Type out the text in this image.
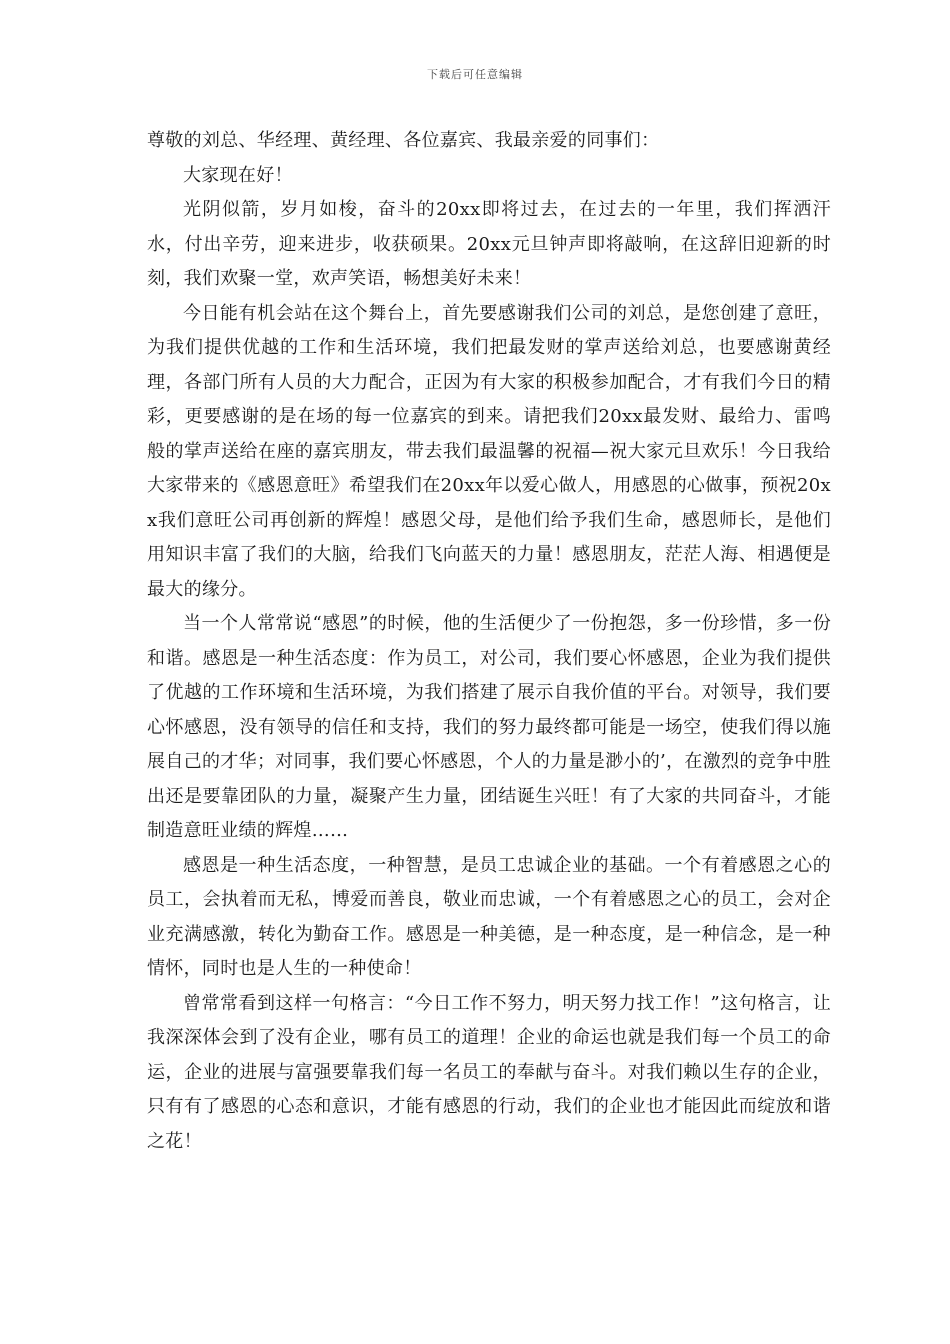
下载后可任意编辑

尊敬的刘总、华经理、黄经理、各位嘉宾、我最亲爱的同事们：

大家现在好！

光阴似箭，岁月如梭，奋斗的20xx即将过去，在过去的一年里，我们挥洒汗水，付出辛劳，迎来进步，收获硕果。20xx元旦钟声即将敲响，在这辞旧迎新的时刻，我们欢聚一堂，欢声笑语，畅想美好未来！

今日能有机会站在这个舞台上，首先要感谢我们公司的刘总，是您创建了意旺，为我们提供优越的工作和生活环境，我们把最发财的掌声送给刘总，也要感谢黄经理，各部门所有人员的大力配合，正因为有大家的积极参加配合，才有我们今日的精彩，更要感谢的是在场的每一位嘉宾的到来。请把我们20xx最发财、最给力、雷鸣般的掌声送给在座的嘉宾朋友，带去我们最温馨的祝福—祝大家元旦欢乐！今日我给大家带来的《感恩意旺》希望我们在20xx年以爱心做人，用感恩的心做事，预祝20xx我们意旺公司再创新的辉煌！感恩父母，是他们给予我们生命，感恩师长，是他们用知识丰富了我们的大脑，给我们飞向蓝天的力量！感恩朋友，茫茫人海、相遇便是最大的缘分。

当一个人常常说“感恩”的时候，他的生活便少了一份抱怨，多一份珍惜，多一份和谐。感恩是一种生活态度：作为员工，对公司，我们要心怀感恩，企业为我们提供了优越的工作环境和生活环境，为我们搭建了展示自我价值的平台。对领导，我们要心怀感恩，没有领导的信任和支持，我们的努力最终都可能是一场空，使我们得以施展自己的才华；对同事，我们要心怀感恩，个人的力量是渺小的’，在激烈的竞争中胜出还是要靠团队的力量，凝聚产生力量，团结诞生兴旺！有了大家的共同奋斗，才能制造意旺业绩的辉煌……

感恩是一种生活态度，一种智慧，是员工忠诚企业的基础。一个有着感恩之心的员工，会执着而无私，博爱而善良，敬业而忠诚，一个有着感恩之心的员工，会对企业充满感激，转化为勤奋工作。感恩是一种美德，是一种态度，是一种信念，是一种情怀，同时也是人生的一种使命！

曾常常看到这样一句格言：“今日工作不努力，明天努力找工作！”这句格言，让我深深体会到了没有企业，哪有员工的道理！企业的命运也就是我们每一个员工的命运，企业的进展与富强要靠我们每一名员工的奉献与奋斗。对我们赖以生存的企业，只有有了感恩的心态和意识，才能有感恩的行动，我们的企业也才能因此而绽放和谐之花！
